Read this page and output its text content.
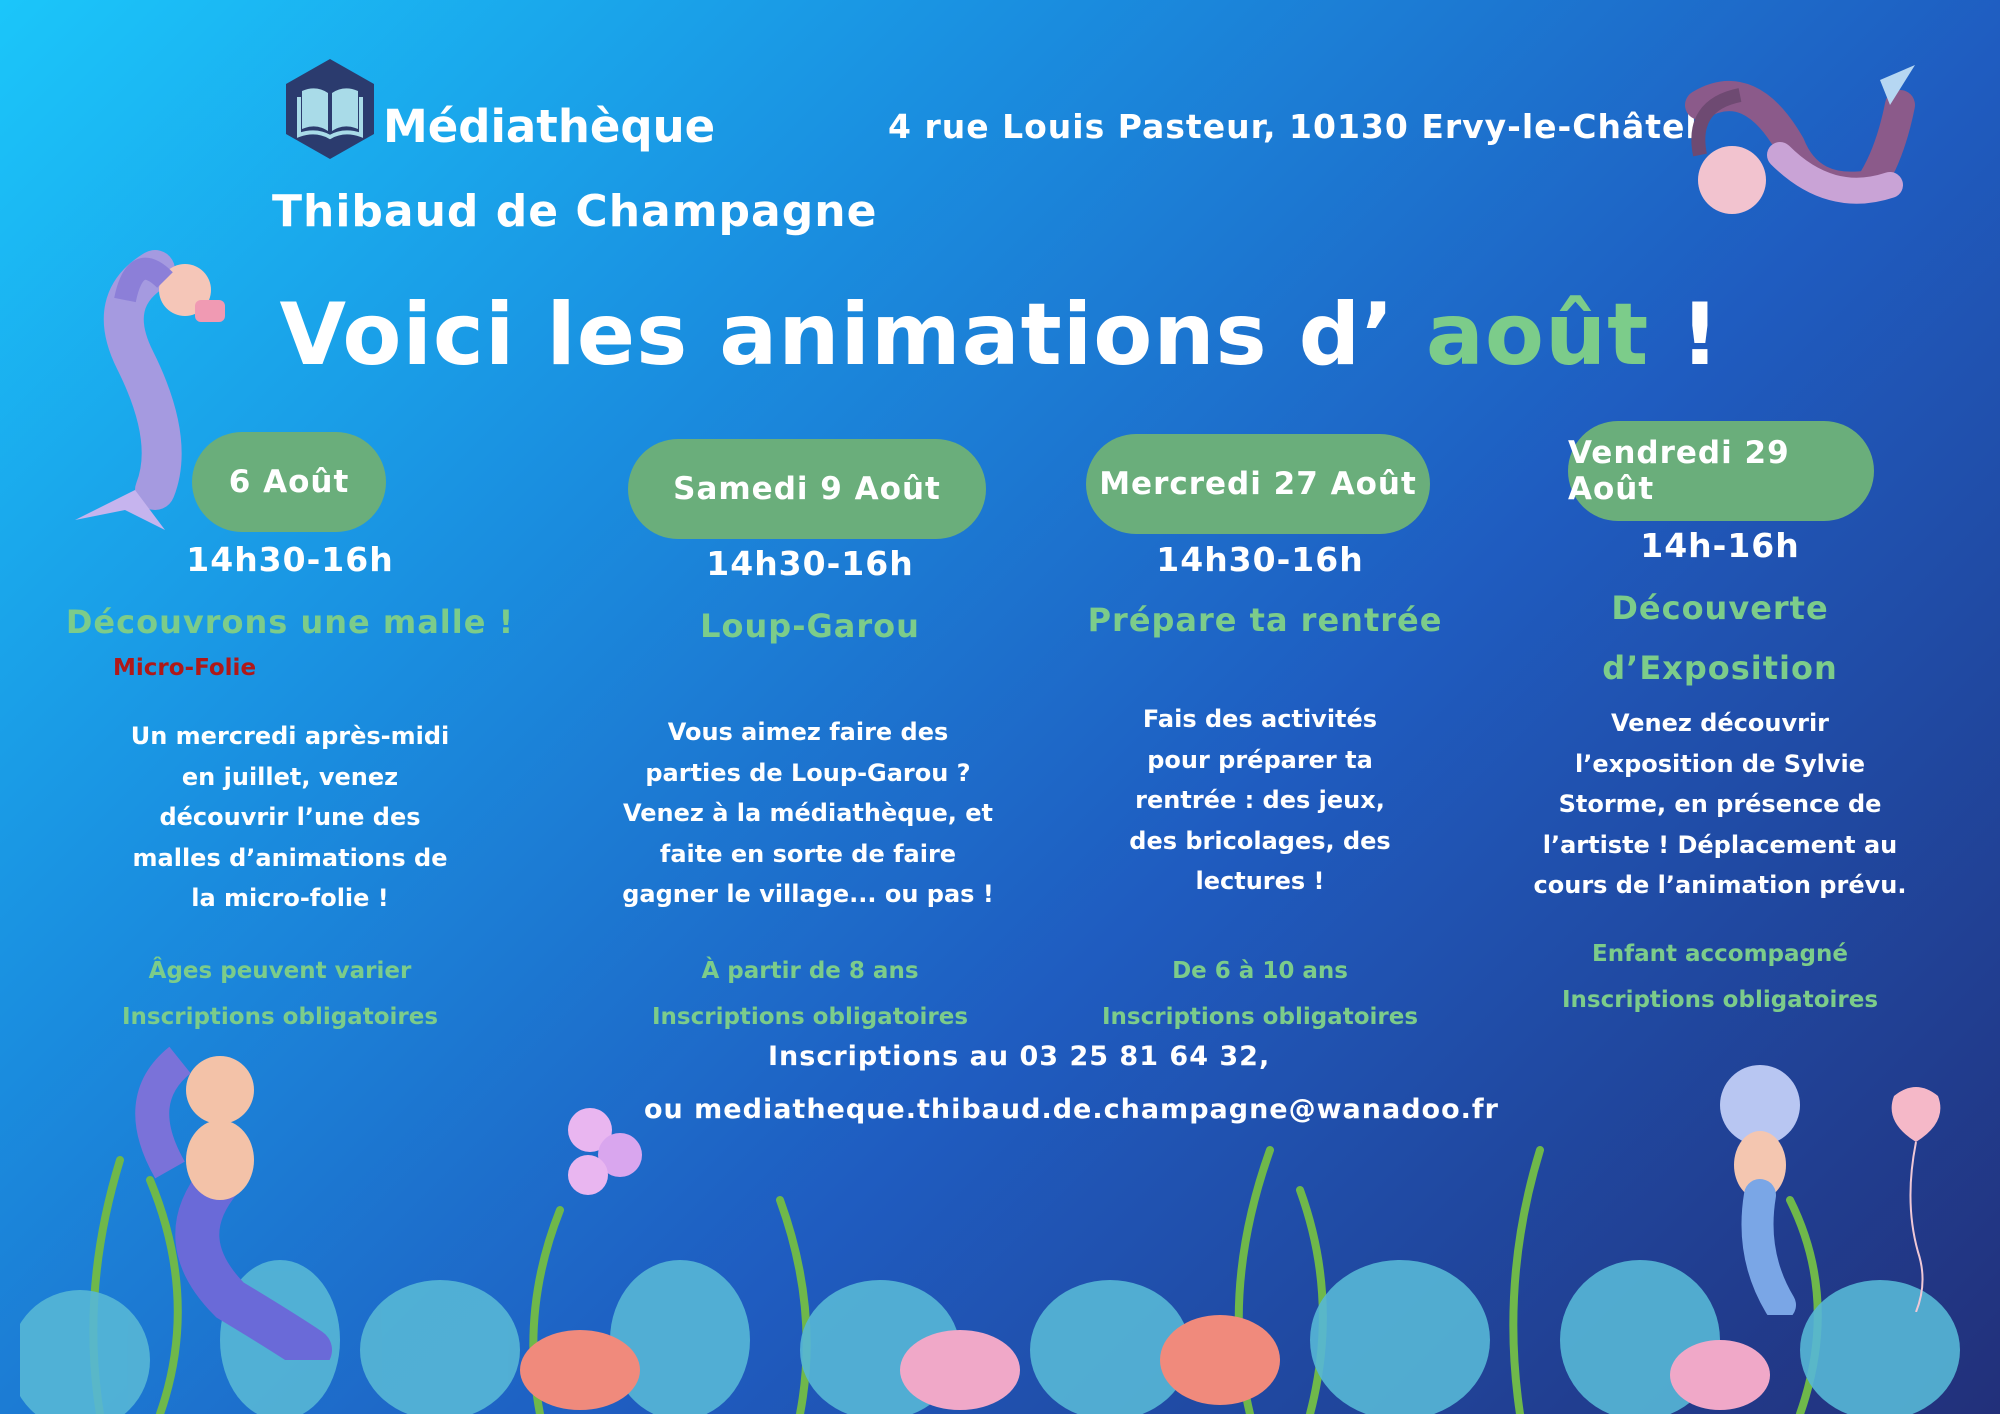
Médiathèque
Thibaud de Champagne
4 rue Louis Pasteur, 10130 Ervy-le-Châtel
Voici les animations d’ août !
6 Août
14h30-16h
Découvrons une malle !
Micro-Folie
Un mercredi après-midi en juillet, venez découvrir l’une des malles d’animations de la micro-folie !
Âges peuvent varier
Inscriptions obligatoires
Samedi 9 Août
14h30-16h
Loup-Garou
Vous aimez faire des parties de Loup-Garou ? Venez à la médiathèque, et faite en sorte de faire gagner le village... ou pas !
À partir de 8 ans
Inscriptions obligatoires
Mercredi 27 Août
14h30-16h
Prépare ta rentrée
Fais des activités pour préparer ta rentrée : des jeux, des bricolages, des lectures !
De 6 à 10 ans
Inscriptions obligatoires
Vendredi 29 Août
14h-16h
Découverte d’Exposition
Venez découvrir l’exposition de Sylvie Storme, en présence de l’artiste ! Déplacement au cours de l’animation prévu.
Enfant accompagné
Inscriptions obligatoires
Inscriptions au 03 25 81 64 32,
ou mediatheque.thibaud.de.champagne@wanadoo.fr
